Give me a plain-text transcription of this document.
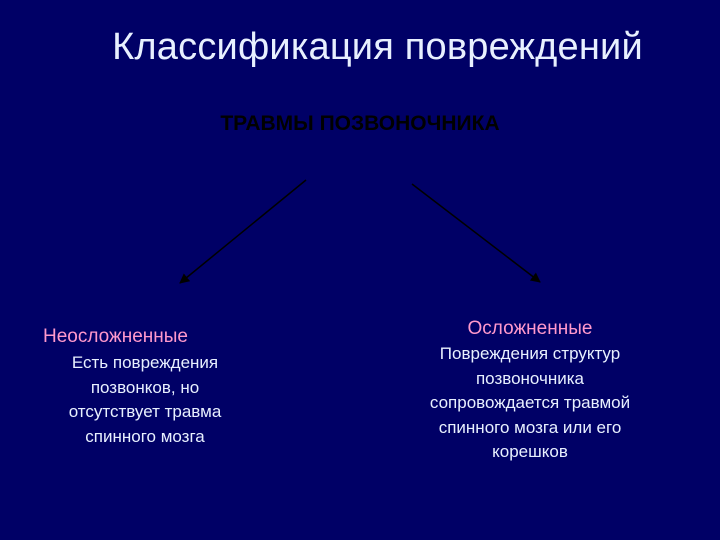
Классификация повреждений
ТРАВМЫ ПОЗВОНОЧНИКА
Неосложненные
Есть повреждения
позвонков, но
отсутствует травма
спинного мозга
Осложненные
Повреждения структур
позвоночника
сопровождается травмой
спинного мозга или его
корешков
